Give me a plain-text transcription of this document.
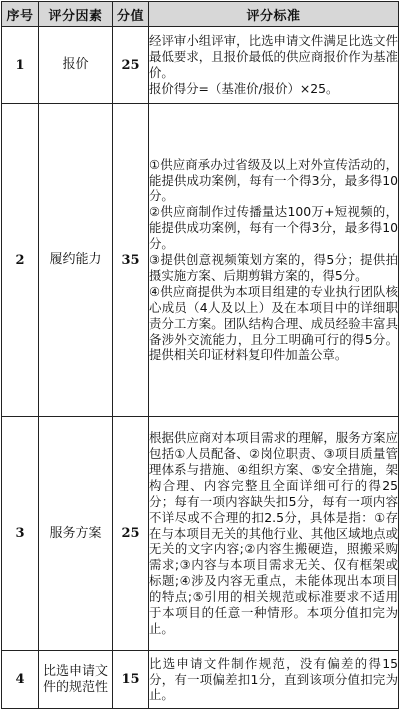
序号	评分因素	分值	评分标准
1	报价	25	经评审小组评审，比选申请文件满足比选文件最低要求，且报价最低的供应商报价作为基准价。

报价得分=（基准价/报价）×25。

2	履约能力	35	①供应商承办过省级及以上对外宣传活动的，能提供成功案例，每有一个得3分，最多得10分。

②供应商制作过传播量达100万+短视频的，能提供成功案例，每有一个得3分，最多得10分。

③提供创意视频策划方案的，得5分；提供拍摄实施方案、后期剪辑方案的，得5分。

④供应商提供为本项目组建的专业执行团队核心成员（4人及以上）及在本项目中的详细职责分工方案。团队结构合理、成员经验丰富具备涉外交流能力，且分工明确可行的得5分。提供相关印证材料复印件加盖公章。

3	服务方案	25	根据供应商对本项目需求的理解，服务方案应包括①人员配备、②岗位职责、③项目质量管理体系与措施、④组织方案、⑤安全措施，架构合理、内容完整且全面详细可行的得25分；每有一项内容缺失扣5分，每有一项内容不详尽或不合理的扣2.5分，具体是指：①存在与本项目无关的其他行业、其他区域地点或无关的文字内容;②内容生搬硬造，照搬采购需求;③内容与本项目需求无关、仅有框架或标题;④涉及内容无重点，未能体现出本项目的特点;⑤引用的相关规范或标准要求不适用于本项目的任意一种情形。本项分值扣完为止。

4	比选申请文件的规范性	15	比选申请文件制作规范，没有偏差的得15分，有一项偏差扣1分，直到该项分值扣完为止。
